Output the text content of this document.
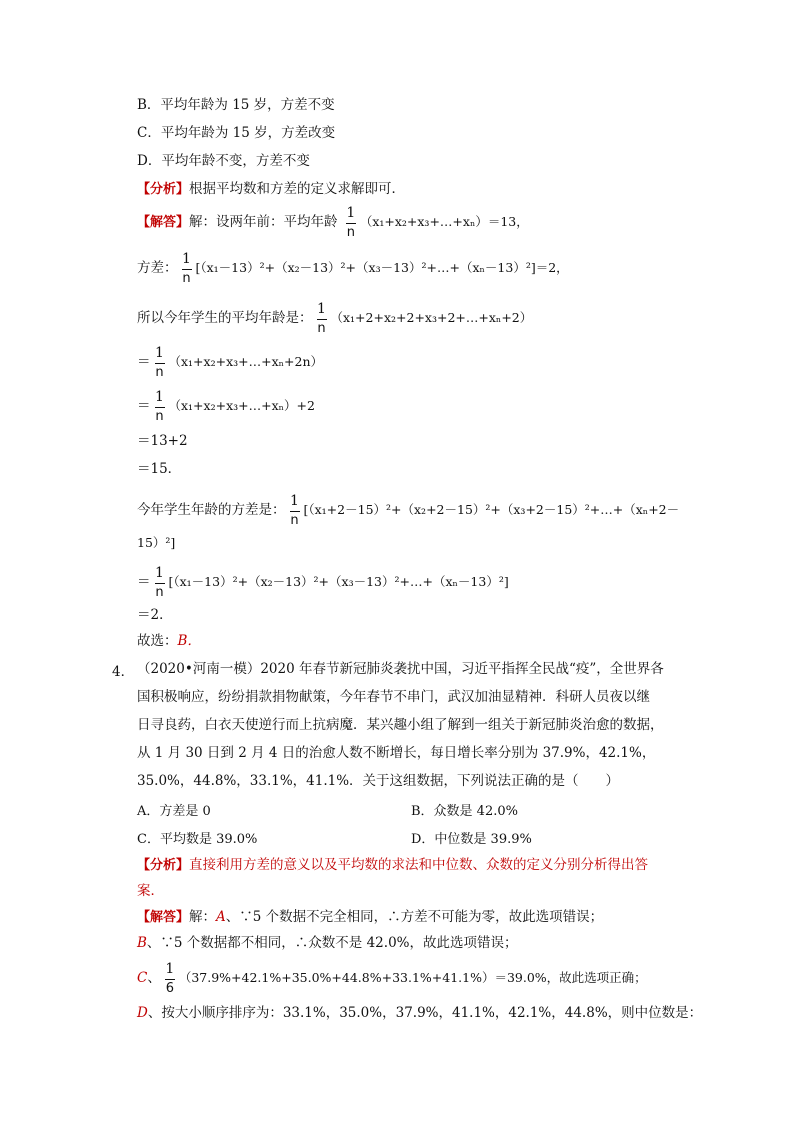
B．平均年龄为 15 岁，方差不变
C．平均年龄为 15 岁，方差改变
D．平均年龄不变，方差不变
【分析】根据平均数和方差的定义求解即可．
【解答】解：设两年前：平均年龄 $\frac{1}{n}$ （x₁+x₂+x₃+…+xₙ）＝13，
方差： $\frac{1}{n}$ [（x₁－13）²+（x₂－13）²+（x₃－13）²+…+（xₙ－13）²]＝2，
所以今年学生的平均年龄是： $\frac{1}{n}$ （x₁+2+x₂+2+x₃+2+…+xₙ+2）
＝ $\frac{1}{n}$ （x₁+x₂+x₃+…+xₙ+2n）
＝ $\frac{1}{n}$ （x₁+x₂+x₃+…+xₙ）+2
＝13+2
＝15．
今年学生年龄的方差是： $\frac{1}{n}$ [（x₁+2－15）²+（x₂+2－15）²+（x₃+2－15）²+…+（xₙ+2－
15）²]
＝ $\frac{1}{n}$ [（x₁－13）²+（x₂－13）²+（x₃－13）²+…+（xₙ－13）²]
＝2．
故选：B．
4． （2020•河南一模）2020 年春节新冠肺炎袭扰中国，习近平指挥全民战“疫”，全世界各
国积极响应，纷纷捐款捐物献策，今年春节不串门，武汉加油显精神．科研人员夜以继
日寻良药，白衣天使逆行而上抗病魔．某兴趣小组了解到一组关于新冠肺炎治愈的数据，
从 1 月 30 日到 2 月 4 日的治愈人数不断增长，每日增长率分别为 37.9%，42.1%，
35.0%，44.8%，33.1%，41.1%．关于这组数据，下列说法正确的是（　　）
A．方差是 0	B．众数是 42.0%
C．平均数是 39.0%	D．中位数是 39.9%
【分析】直接利用方差的意义以及平均数的求法和中位数、众数的定义分别分析得出答
案．
【解答】解：A、∵5 个数据不完全相同，∴方差不可能为零，故此选项错误；
B、∵5 个数据都不相同，∴众数不是 42.0%，故此选项错误；
C、 $\frac{1}{6} (37.9\%+42.1\%+35.0\%+44.8\%+33.1\%+41.1\%)=39.0\%$，故此选项正确；
D、按大小顺序排序为：33.1%，35.0%，37.9%，41.1%，42.1%，44.8%，则中位数是：
